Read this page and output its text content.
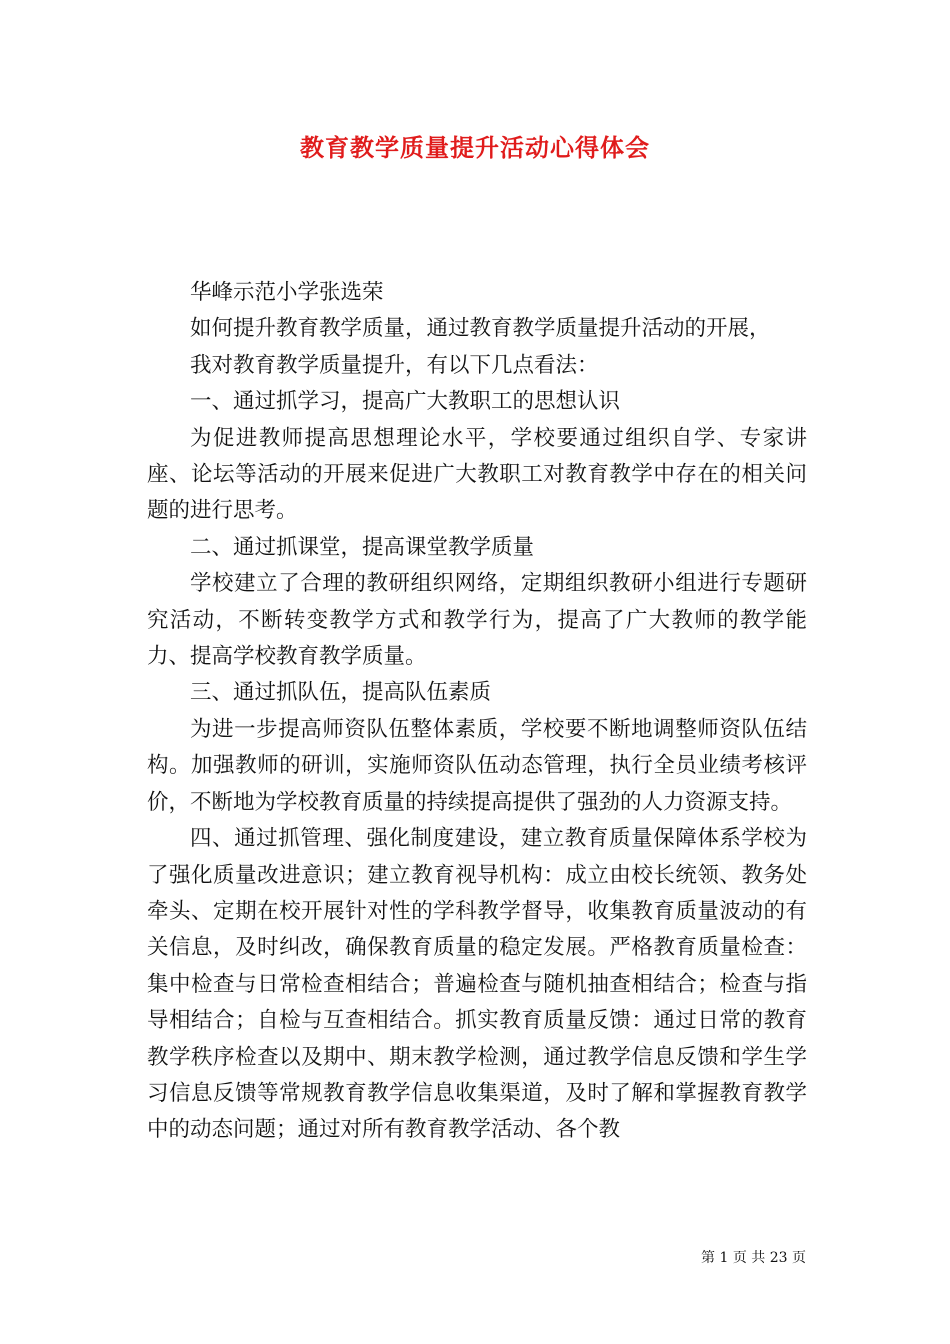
教育教学质量提升活动心得体会

华峰示范小学张选荣

如何提升教育教学质量，通过教育教学质量提升活动的开展，

我对教育教学质量提升，有以下几点看法：

一、通过抓学习，提高广大教职工的思想认识

为促进教师提高思想理论水平，学校要通过组织自学、专家讲座、论坛等活动的开展来促进广大教职工对教育教学中存在的相关问题的进行思考。

二、通过抓课堂，提高课堂教学质量

学校建立了合理的教研组织网络，定期组织教研小组进行专题研究活动，不断转变教学方式和教学行为，提高了广大教师的教学能力、提高学校教育教学质量。

三、通过抓队伍，提高队伍素质

为进一步提高师资队伍整体素质，学校要不断地调整师资队伍结构。加强教师的研训，实施师资队伍动态管理，执行全员业绩考核评价，不断地为学校教育质量的持续提高提供了强劲的人力资源支持。

四、通过抓管理、强化制度建设，建立教育质量保障体系学校为了强化质量改进意识；建立教育视导机构：成立由校长统领、教务处牵头、定期在校开展针对性的学科教学督导，收集教育质量波动的有关信息，及时纠改，确保教育质量的稳定发展。严格教育质量检查：集中检查与日常检查相结合；普遍检查与随机抽查相结合；检查与指导相结合；自检与互查相结合。抓实教育质量反馈：通过日常的教育教学秩序检查以及期中、期末教学检测，通过教学信息反馈和学生学习信息反馈等常规教育教学信息收集渠道，及时了解和掌握教育教学中的动态问题；通过对所有教育教学活动、各个教

第 1 页 共 23 页
